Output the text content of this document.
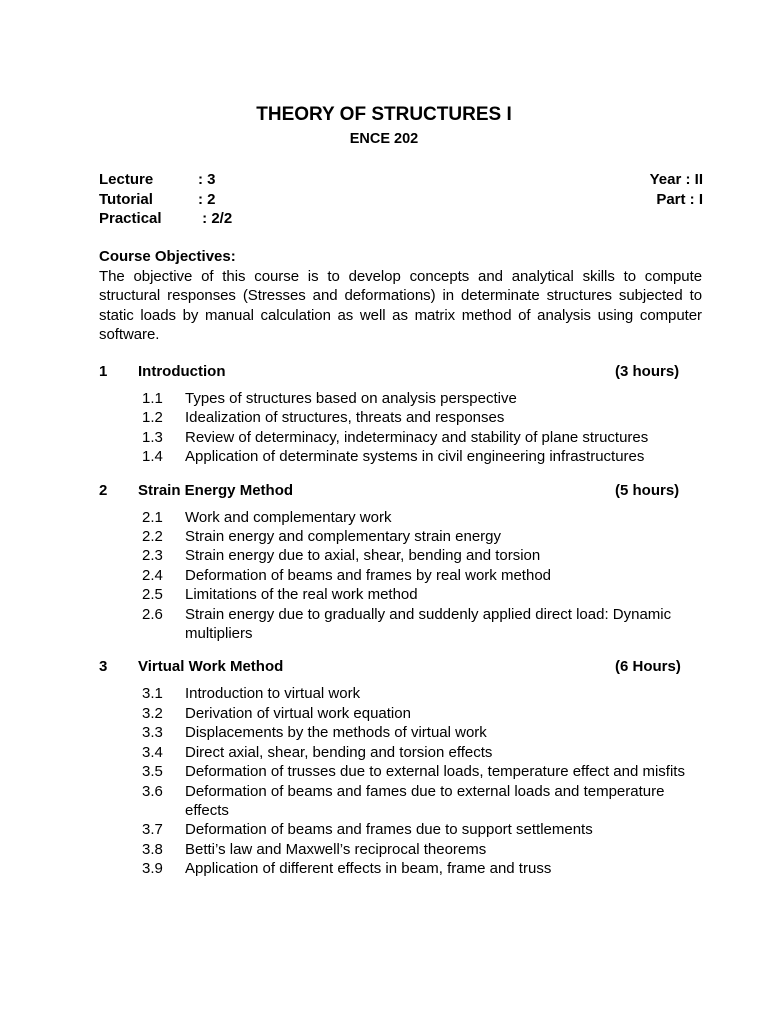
THEORY OF STRUCTURES I
ENCE 202
Lecture	: 3
Tutorial	: 2
Practical : 2/2
Year : II
Part : I
Course Objectives:
The objective of this course is to develop concepts and analytical skills to compute structural responses (Stresses and deformations) in determinate structures subjected to static loads by manual calculation as well as matrix method of analysis using computer software.
1	Introduction	(3 hours)
1.1	Types of structures based on analysis perspective
1.2	Idealization of structures, threats and responses
1.3	Review of determinacy, indeterminacy and stability of plane structures
1.4	Application of determinate systems in civil engineering infrastructures
2	Strain Energy Method	(5 hours)
2.1	Work and complementary work
2.2	Strain energy and complementary strain energy
2.3	Strain energy due to axial, shear, bending and torsion
2.4	Deformation of beams and frames by real work method
2.5	Limitations of the real work method
2.6	Strain energy due to gradually and suddenly applied direct load: Dynamic multipliers
3	Virtual Work Method	(6 Hours)
3.1	Introduction to virtual work
3.2	Derivation of virtual work equation
3.3	Displacements by the methods of virtual work
3.4	Direct axial, shear, bending and torsion effects
3.5	Deformation of trusses due to external loads, temperature effect and misfits
3.6	Deformation of beams and fames due to external loads and temperature effects
3.7	Deformation of beams and frames due to support settlements
3.8	Betti’s law and Maxwell’s reciprocal theorems
3.9	Application of different effects in beam, frame and truss
